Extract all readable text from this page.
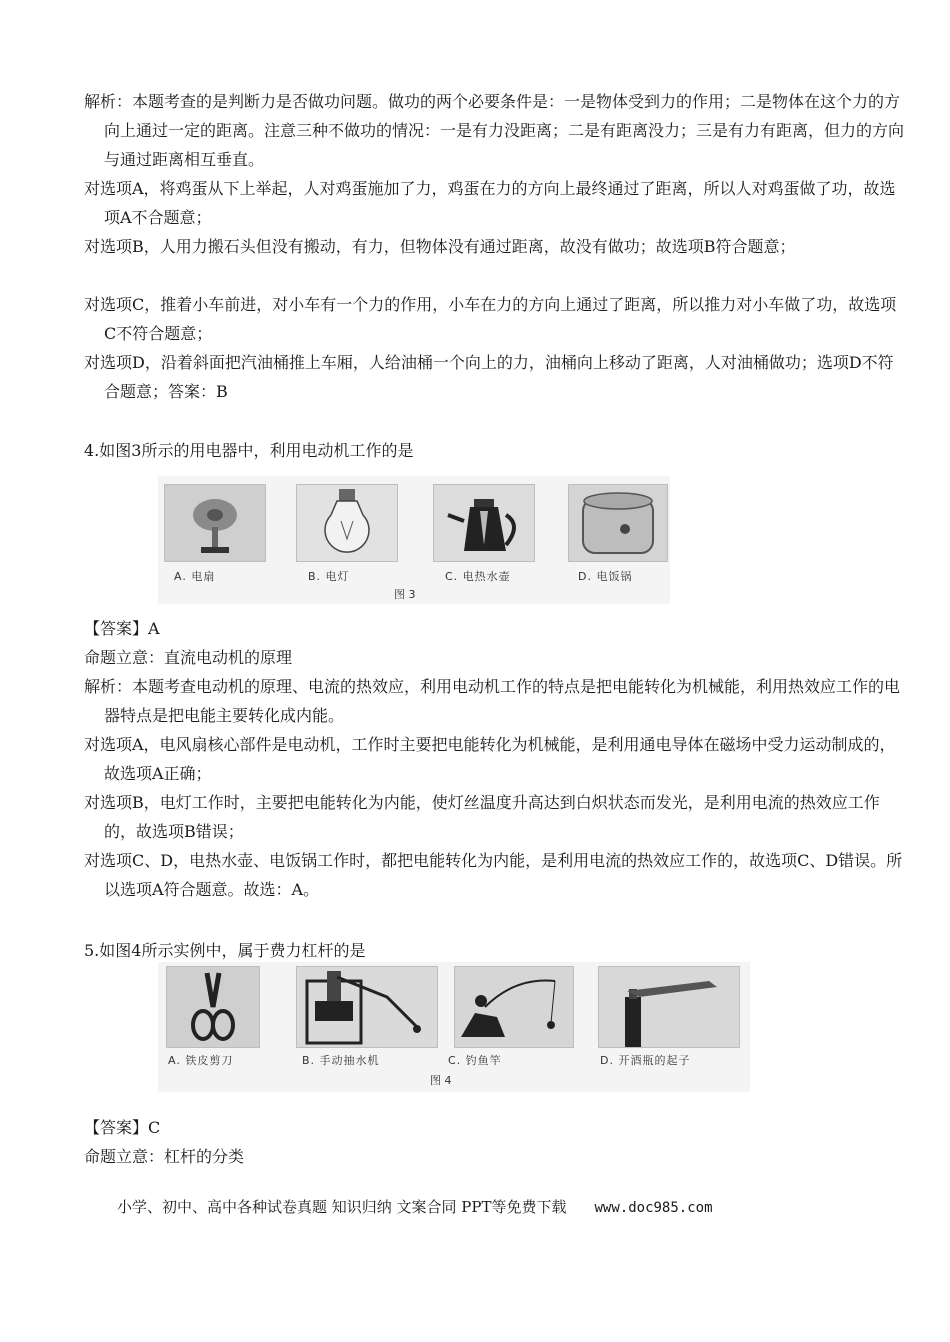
解析：本题考查的是判断力是否做功问题。做功的两个必要条件是：一是物体受到力的作用；二是物体在这个力的方向上通过一定的距离。注意三种不做功的情况：一是有力没距离；二是有距离没力；三是有力有距离，但力的方向与通过距离相互垂直。
对选项A，将鸡蛋从下上举起，人对鸡蛋施加了力，鸡蛋在力的方向上最终通过了距离，所以人对鸡蛋做了功，故选项A不合题意；
对选项B，人用力搬石头但没有搬动，有力，但物体没有通过距离，故没有做功；故选项B符合题意；
对选项C，推着小车前进，对小车有一个力的作用，小车在力的方向上通过了距离，所以推力对小车做了功，故选项C不符合题意；
对选项D，沿着斜面把汽油桶推上车厢，人给油桶一个向上的力，油桶向上移动了距离，人对油桶做功；选项D不符合题意；答案：B
4.如图3所示的用电器中，利用电动机工作的是
A. 电扇	B. 电灯	C. 电热水壶	D. 电饭锅
图 3
【答案】A
命题立意：直流电动机的原理
解析：本题考查电动机的原理、电流的热效应，利用电动机工作的特点是把电能转化为机械能，利用热效应工作的电器特点是把电能主要转化成内能。
对选项A，电风扇核心部件是电动机，工作时主要把电能转化为机械能，是利用通电导体在磁场中受力运动制成的，故选项A正确；
对选项B，电灯工作时，主要把电能转化为内能，使灯丝温度升高达到白炽状态而发光，是利用电流的热效应工作的，故选项B错误；
对选项C、D，电热水壶、电饭锅工作时，都把电能转化为内能，是利用电流的热效应工作的，故选项C、D错误。所以选项A符合题意。故选：A。
5.如图4所示实例中，属于费力杠杆的是
A. 铁皮剪刀	B. 手动抽水机	C. 钓鱼竿	D. 开酒瓶的起子
图 4
【答案】C
命题立意：杠杆的分类
小学、初中、高中各种试卷真题 知识归纳 文案合同 PPT等免费下载 www.doc985.com
